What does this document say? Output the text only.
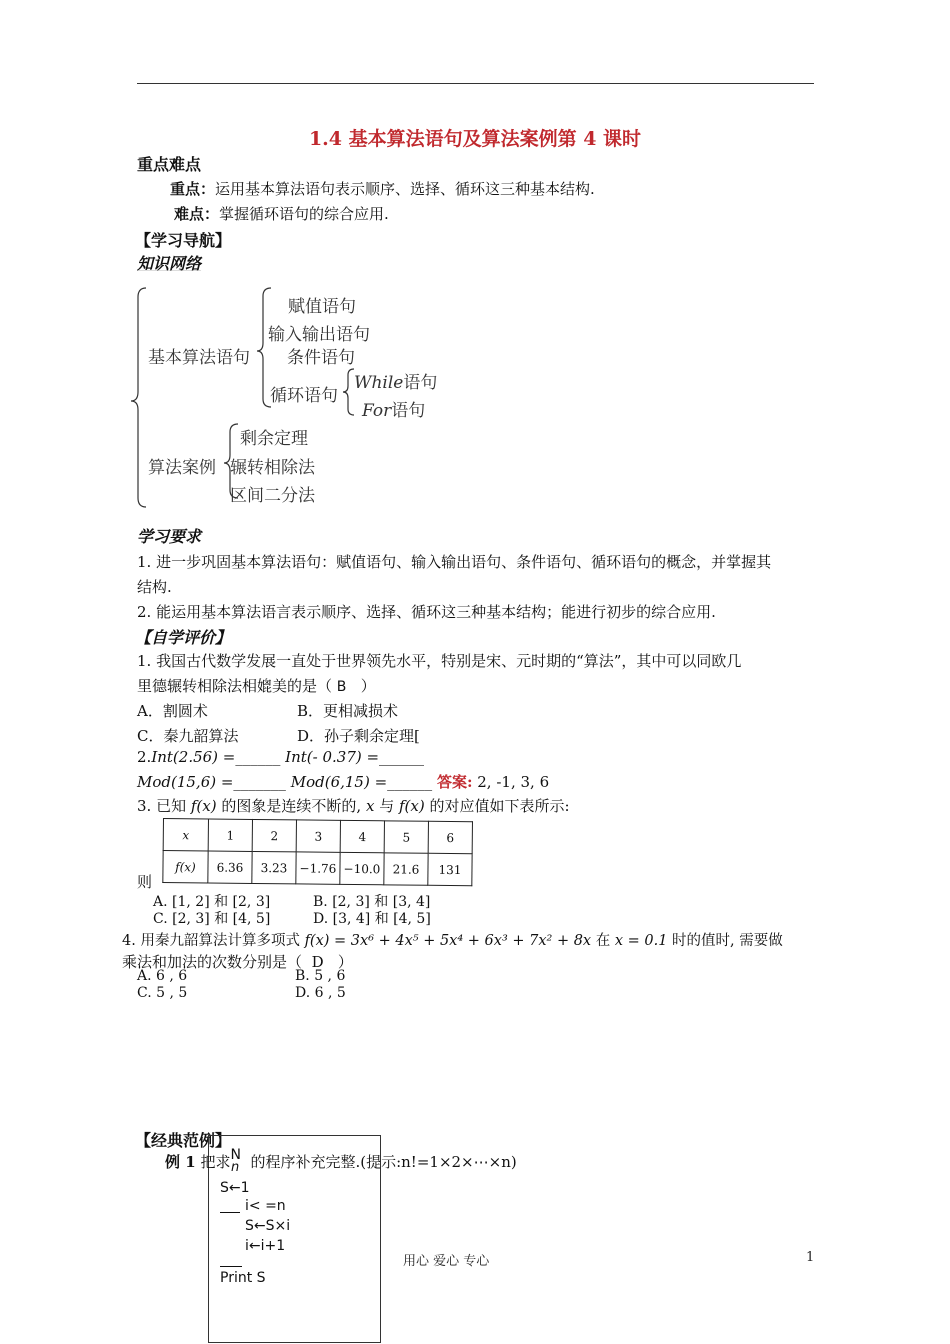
1.4 基本算法语句及算法案例第 4 课时
重点难点
重点：运用基本算法语句表示顺序、选择、循环这三种基本结构.
难点：掌握循环语句的综合应用.
【学习导航】
知识网络
赋值语句
输入输出语句
基本算法语句 条件语句
循环语句
While语句
For语句
剩余定理
算法案例 辗转相除法
区间二分法
学习要求
1. 进一步巩固基本算法语句：赋值语句、输入输出语句、条件语句、循环语句的概念，并掌握其
结构.
2. 能运用基本算法语言表示顺序、选择、循环这三种基本结构；能进行初步的综合应用.
【自学评价】
1. 我国古代数学发展一直处于世界领先水平，特别是宋、元时期的“算法”，其中可以同欧几
里德辗转相除法相媲美的是（ B ）
A．割圆术	B．更相减损术
C．秦九韶算法	D．孙子剩余定理[
2.Int(2.56) =______ Int(- 0.37) =______
Mod(15,6) =_______ Mod(6,15) =______ 答案: 2, -1, 3, 6
3. 已知 f(x) 的图象是连续不断的, x 与 f(x) 的对应值如下表所示:
x	1	2	3	4	5	6
f(x)	6.36	3.23	−1.76	−10.0	21.6	131
则
A. [1, 2] 和 [2, 3]	B. [2, 3] 和 [3, 4]
C. [2, 3] 和 [4, 5]	D. [3, 4] 和 [4, 5]
4. 用秦九韶算法计算多项式 f(x) = 3x⁶ + 4x⁵ + 5x⁴ + 6x³ + 7x² + 8x 在 x = 0.1 时的值时, 需要做
乘法和加法的次数分别是（ D ）
A. 6 , 6	B. 5 , 6
C. 5 , 5	D. 6 , 5
【经典范例】
例 1 把求N 的程序补充完整.(提示:n!=1×2×⋯×n)
n
S←1
i< =n
S←S×i
i←i+1
Print S
用心 爱心 专心	1
